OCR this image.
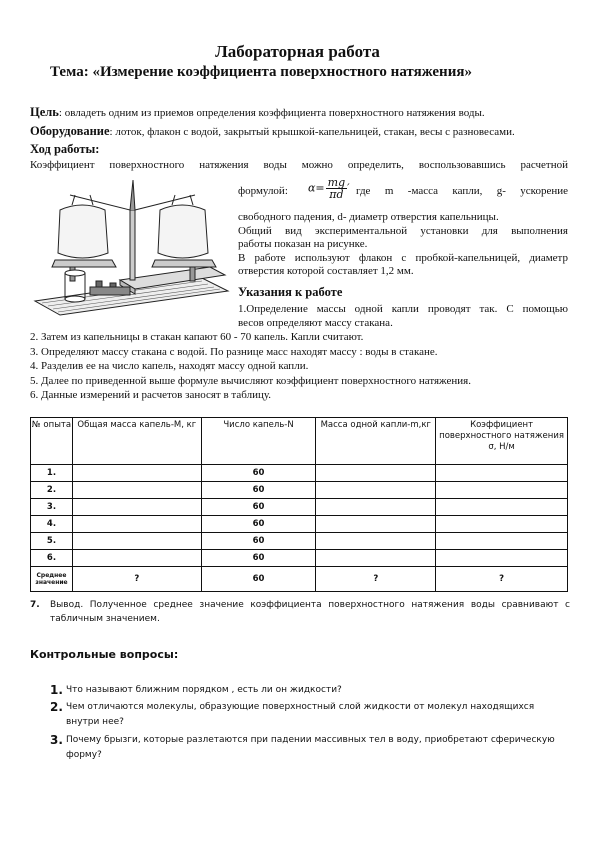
Лабораторная работа
Тема: «Измерение коэффициента поверхностного натяжения»
Цель: овладеть одним из приемов определения коэффициента поверхностного натяжения воды.
Оборудование: лоток, флакон с водой, закрытый крышкой-капельницей, стакан, весы с разновесами.
Ход работы:
Коэффициент поверхностного натяжения воды можно определить, воспользовавшись расчетной
$\alpha= \frac{mg}{\pi d}$ ′
формулой:	где m -масса капли, g- ускорение
свободного падения, d- диаметр отверстия капельницы.
Общий вид экспериментальной установки для выполнения
работы показан на рисунке.
В работе используют флакон с пробкой-капельницей, диаметр
отверстия которой составляет 1,2 мм.
Указания к работе
1.Определение массы одной капли проводят так. С помощью
весов определяют массу стакана.
2. Затем из капельницы в стакан капают 60 - 70 капель. Капли считают.
3. Определяют массу стакана с водой. По разнице масс находят массу : воды в стакане.
4. Разделив ее на число капель, находят массу одной капли.
5. Далее по приведенной выше формуле вычисляют коэффициент поверхностного натяжения.
6. Данные измерений и расчетов заносят в таблицу.
№ опыта	Общая масса капель-М, кг	Число капель-N	Масса одной капли-m,кг	Коэффициент поверхностного натяжения σ, Н/м
1.		60		
2.		60		
3.		60		
4.		60		
5.		60		
6.		60		
Среднее значение	?	60	?	?
7.	Вывод. Полученное среднее значение коэффициента поверхностного натяжения воды сравнивают с
табличным значением.
Контрольные вопросы:
1. Что называют ближним порядком , есть ли он жидкости?
2. Чем отличаются молекулы, образующие поверхностный слой жидкости от молекул находящихся внутри нее?
3. Почему брызги, которые разлетаются при падении массивных тел в воду, приобретают сферическую форму?
